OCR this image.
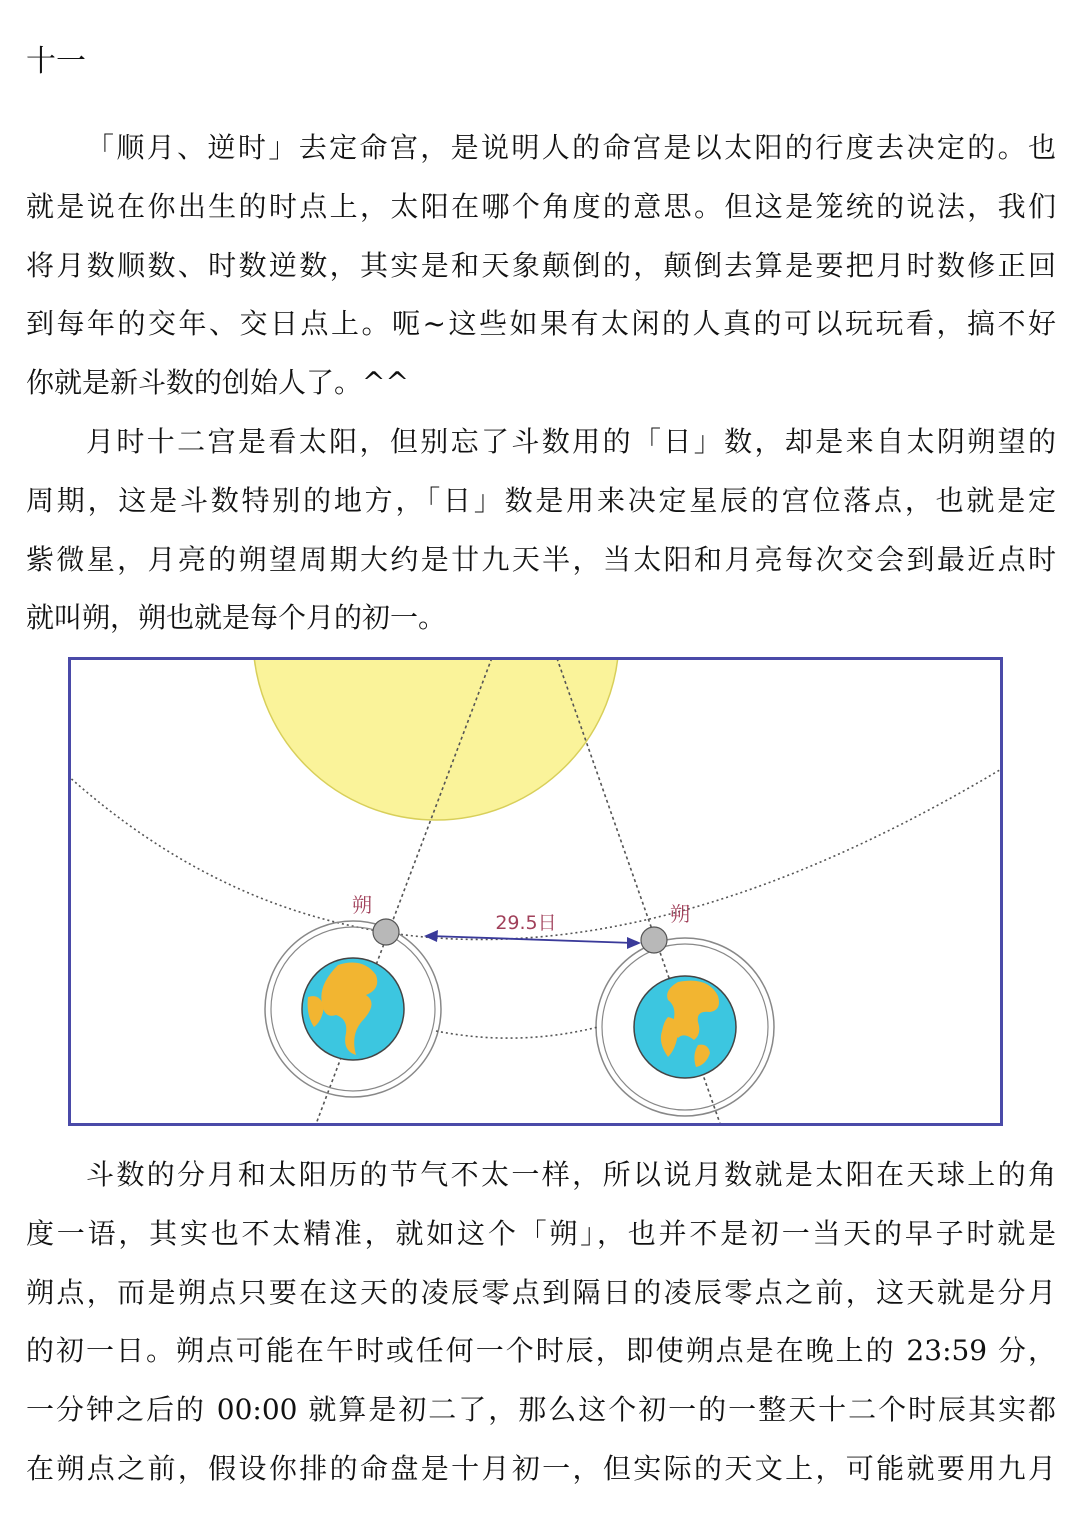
十一
「顺月、逆时」去定命宫，是说明人的命宫是以太阳的行度去决定的。也
就是说在你出生的时点上，太阳在哪个角度的意思。但这是笼统的说法，我们
将月数顺数、时数逆数，其实是和天象颠倒的，颠倒去算是要把月时数修正回
到每年的交年、交日点上。呃~这些如果有太闲的人真的可以玩玩看，搞不好
你就是新斗数的创始人了。^^
月时十二宫是看太阳，但别忘了斗数用的「日」数，却是来自太阴朔望的
周期，这是斗数特别的地方，「日」数是用来决定星辰的宫位落点，也就是定
紫微星，月亮的朔望周期大约是廿九天半，当太阳和月亮每次交会到最近点时
就叫朔，朔也就是每个月的初一。
29.5日
朔	朔
斗数的分月和太阳历的节气不太一样，所以说月数就是太阳在天球上的角
度一语，其实也不太精准，就如这个「朔」，也并不是初一当天的早子时就是
朔点，而是朔点只要在这天的凌辰零点到隔日的凌辰零点之前，这天就是分月
的初一日。朔点可能在午时或任何一个时辰，即使朔点是在晚上的 23:59 分，
一分钟之后的 00:00 就算是初二了，那么这个初一的一整天十二个时辰其实都
在朔点之前，假设你排的命盘是十月初一，但实际的天文上，可能就要用九月
